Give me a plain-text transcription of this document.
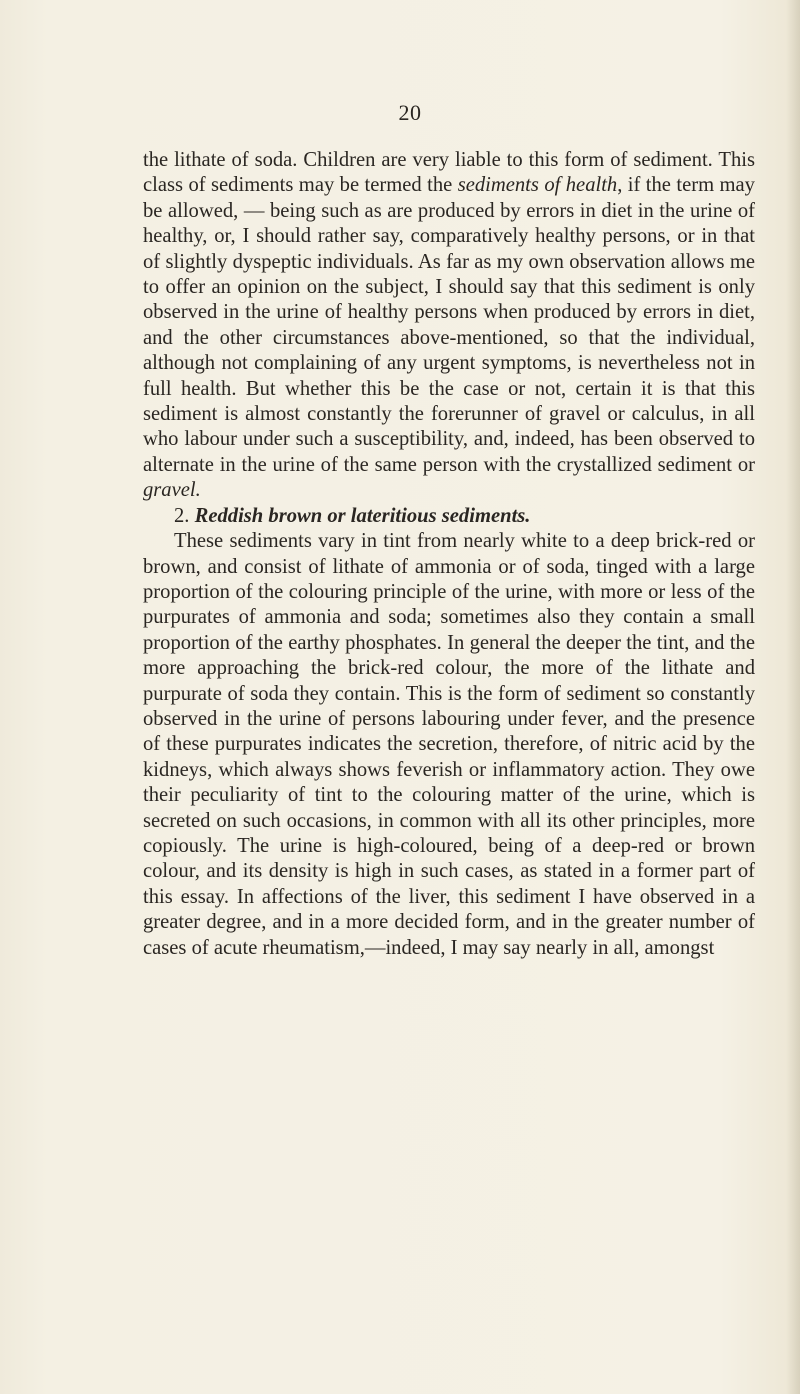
20

the lithate of soda. Children are very liable to this form of sediment. This class of sediments may be termed the sediments of health, if the term may be allowed, — being such as are produced by errors in diet in the urine of healthy, or, I should rather say, comparatively healthy persons, or in that of slightly dyspeptic individuals. As far as my own observation allows me to offer an opinion on the subject, I should say that this sediment is only observed in the urine of healthy persons when produced by errors in diet, and the other circumstances above-mentioned, so that the individual, although not complaining of any urgent symptoms, is nevertheless not in full health. But whether this be the case or not, certain it is that this sediment is almost constantly the forerunner of gravel or calculus, in all who labour under such a susceptibility, and, indeed, has been observed to alternate in the urine of the same person with the crystallized sediment or gravel.

2. Reddish brown or lateritious sediments.

These sediments vary in tint from nearly white to a deep brick-red or brown, and consist of lithate of ammonia or of soda, tinged with a large proportion of the colouring principle of the urine, with more or less of the purpurates of ammonia and soda; sometimes also they contain a small proportion of the earthy phosphates. In general the deeper the tint, and the more approaching the brick-red colour, the more of the lithate and purpurate of soda they contain. This is the form of sediment so constantly observed in the urine of persons labouring under fever, and the presence of these purpurates indicates the secretion, therefore, of nitric acid by the kidneys, which always shows feverish or inflammatory action. They owe their peculiarity of tint to the colouring matter of the urine, which is secreted on such occasions, in common with all its other principles, more copiously. The urine is high-coloured, being of a deep-red or brown colour, and its density is high in such cases, as stated in a former part of this essay. In affections of the liver, this sediment I have observed in a greater degree, and in a more decided form, and in the greater number of cases of acute rheumatism,—indeed, I may say nearly in all, amongst
